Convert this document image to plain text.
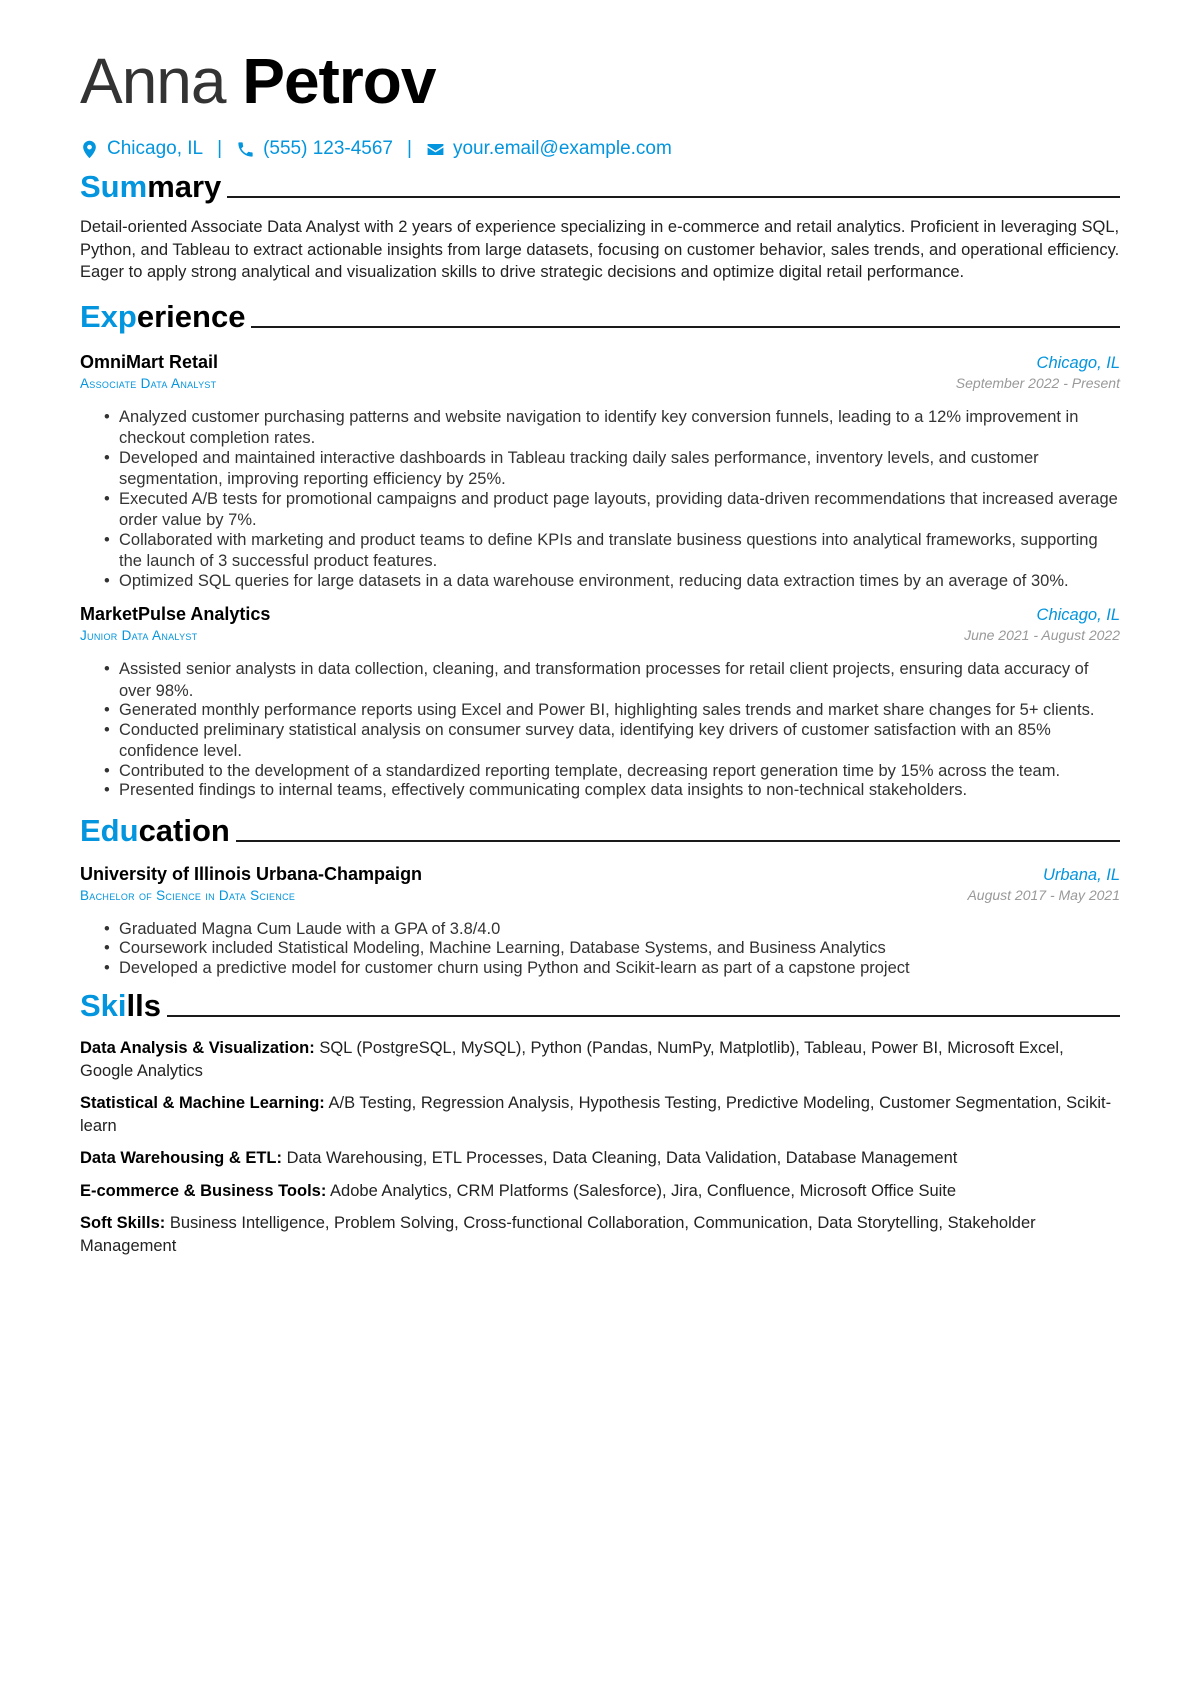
Anna Petrov
Chicago, IL | (555) 123-4567 | your.email@example.com
Summary

Detail-oriented Associate Data Analyst with 2 years of experience specializing in e-commerce and retail analytics. Proficient in leveraging SQL, Python, and Tableau to extract actionable insights from large datasets, focusing on customer behavior, sales trends, and operational efficiency. Eager to apply strong analytical and visualization skills to drive strategic decisions and optimize digital retail performance.

Experience
OmniMart Retail	Chicago, IL
Associate Data Analyst	September 2022 - Present
• Analyzed customer purchasing patterns and website navigation to identify key conversion funnels, leading to a 12% improvement in checkout completion rates.
• Developed and maintained interactive dashboards in Tableau tracking daily sales performance, inventory levels, and customer segmentation, improving reporting efficiency by 25%.
• Executed A/B tests for promotional campaigns and product page layouts, providing data-driven recommendations that increased average order value by 7%.
• Collaborated with marketing and product teams to define KPIs and translate business questions into analytical frameworks, supporting the launch of 3 successful product features.
• Optimized SQL queries for large datasets in a data warehouse environment, reducing data extraction times by an average of 30%.
MarketPulse Analytics	Chicago, IL
Junior Data Analyst	June 2021 - August 2022
• Assisted senior analysts in data collection, cleaning, and transformation processes for retail client projects, ensuring data accuracy of over 98%.
• Generated monthly performance reports using Excel and Power BI, highlighting sales trends and market share changes for 5+ clients.
• Conducted preliminary statistical analysis on consumer survey data, identifying key drivers of customer satisfaction with an 85% confidence level.
• Contributed to the development of a standardized reporting template, decreasing report generation time by 15% across the team.
• Presented findings to internal teams, effectively communicating complex data insights to non-technical stakeholders.
Education
University of Illinois Urbana-Champaign	Urbana, IL
Bachelor of Science in Data Science	August 2017 - May 2021
• Graduated Magna Cum Laude with a GPA of 3.8/4.0
• Coursework included Statistical Modeling, Machine Learning, Database Systems, and Business Analytics
• Developed a predictive model for customer churn using Python and Scikit-learn as part of a capstone project
Skills
Data Analysis & Visualization: SQL (PostgreSQL, MySQL), Python (Pandas, NumPy, Matplotlib), Tableau, Power BI, Microsoft Excel, Google Analytics
Statistical & Machine Learning: A/B Testing, Regression Analysis, Hypothesis Testing, Predictive Modeling, Customer Segmentation, Scikit-learn
Data Warehousing & ETL: Data Warehousing, ETL Processes, Data Cleaning, Data Validation, Database Management
E-commerce & Business Tools: Adobe Analytics, CRM Platforms (Salesforce), Jira, Confluence, Microsoft Office Suite
Soft Skills: Business Intelligence, Problem Solving, Cross-functional Collaboration, Communication, Data Storytelling, Stakeholder Management
